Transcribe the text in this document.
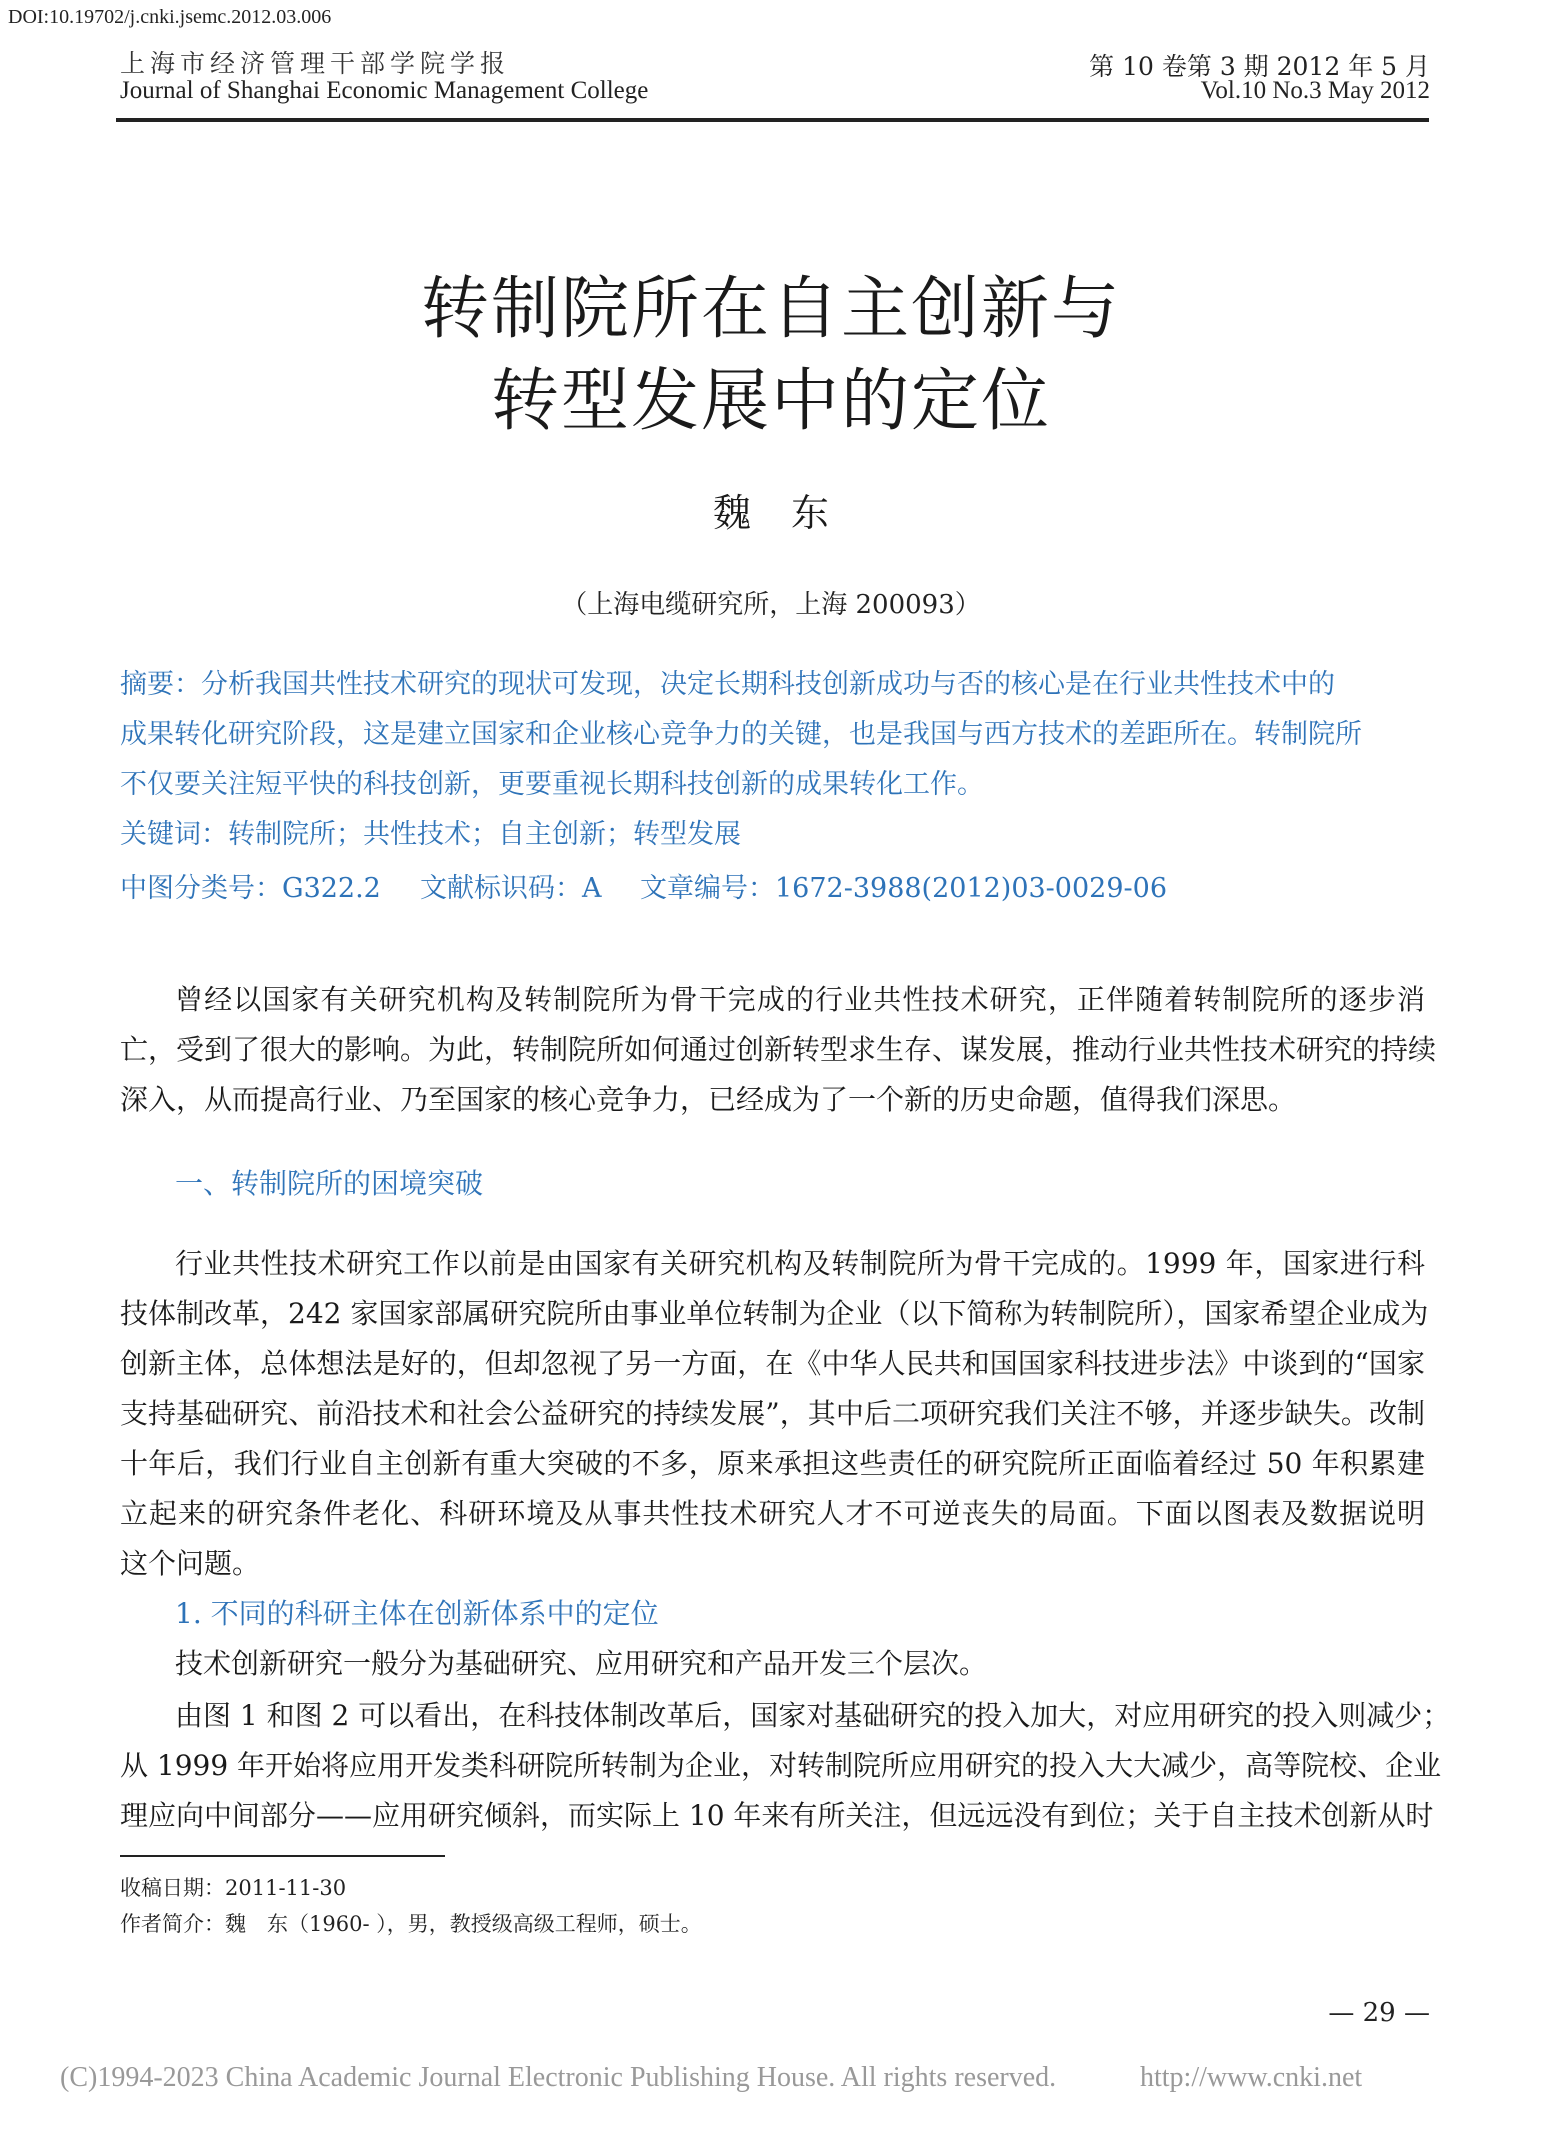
DOI:10.19702/j.cnki.jsemc.2012.03.006
上海市经济管理干部学院学报
Journal of Shanghai Economic Management College
第 10 卷第 3 期 2012 年 5 月
Vol.10 No.3 May 2012
转制院所在自主创新与
转型发展中的定位
魏东
（上海电缆研究所，上海 200093）
摘要：分析我国共性技术研究的现状可发现，决定长期科技创新成功与否的核心是在行业共性技术中的
成果转化研究阶段，这是建立国家和企业核心竞争力的关键，也是我国与西方技术的差距所在。转制院所
不仅要关注短平快的科技创新，更要重视长期科技创新的成果转化工作。
关键词：转制院所；共性技术；自主创新；转型发展
中图分类号：G322.2 文献标识码：A 文章编号：1672-3988(2012)03-0029-06
曾经以国家有关研究机构及转制院所为骨干完成的行业共性技术研究，正伴随着转制院所的逐步消
亡，受到了很大的影响。为此，转制院所如何通过创新转型求生存、谋发展，推动行业共性技术研究的持续
深入，从而提高行业、乃至国家的核心竞争力，已经成为了一个新的历史命题，值得我们深思。
一、转制院所的困境突破
行业共性技术研究工作以前是由国家有关研究机构及转制院所为骨干完成的。1999 年，国家进行科
技体制改革，242 家国家部属研究院所由事业单位转制为企业（以下简称为转制院所），国家希望企业成为
创新主体，总体想法是好的，但却忽视了另一方面，在《中华人民共和国国家科技进步法》中谈到的“国家
支持基础研究、前沿技术和社会公益研究的持续发展”，其中后二项研究我们关注不够，并逐步缺失。改制
十年后，我们行业自主创新有重大突破的不多，原来承担这些责任的研究院所正面临着经过 50 年积累建
立起来的研究条件老化、科研环境及从事共性技术研究人才不可逆丧失的局面。下面以图表及数据说明
这个问题。
1. 不同的科研主体在创新体系中的定位
技术创新研究一般分为基础研究、应用研究和产品开发三个层次。
由图 1 和图 2 可以看出，在科技体制改革后，国家对基础研究的投入加大，对应用研究的投入则减少；
从 1999 年开始将应用开发类科研院所转制为企业，对转制院所应用研究的投入大大减少，高等院校、企业
理应向中间部分——应用研究倾斜，而实际上 10 年来有所关注，但远远没有到位；关于自主技术创新从时
收稿日期：2011-11-30
作者简介：魏　东（1960- ），男，教授级高级工程师，硕士。
— 29 —
(C)1994-2023 China Academic Journal Electronic Publishing House. All rights reserved.	http://www.cnki.net
